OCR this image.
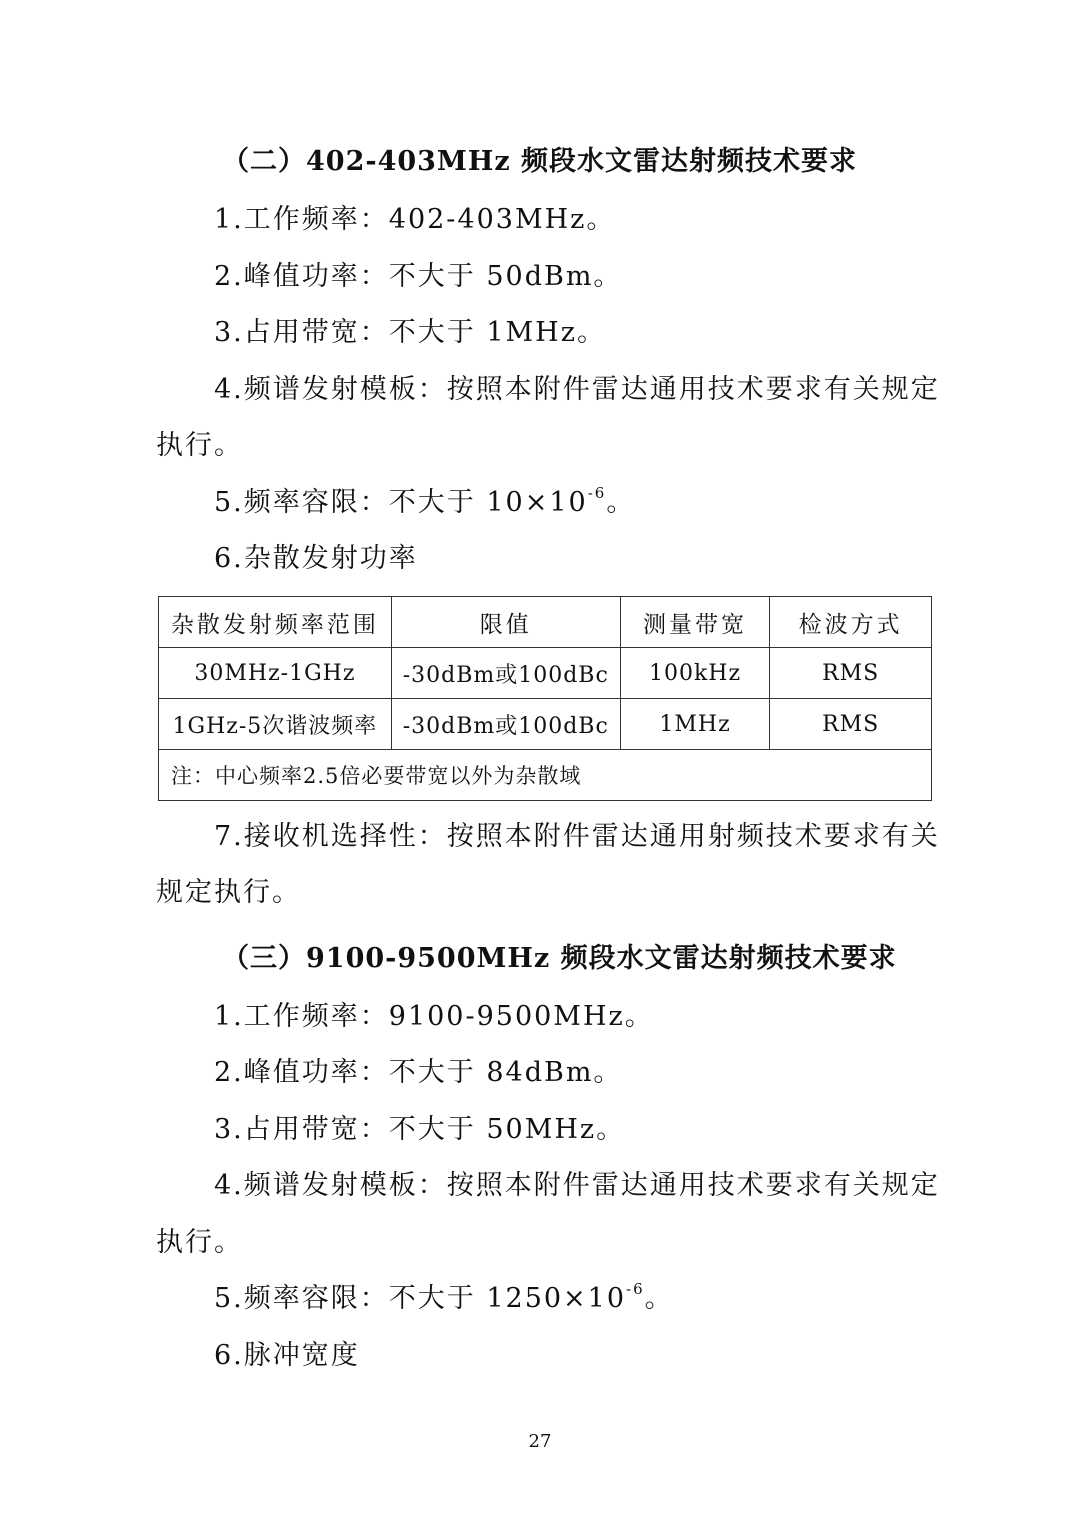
（二）402-403MHz 频段水文雷达射频技术要求
1.工作频率：402-403MHz。
2.峰值功率：不大于 50dBm。
3.占用带宽：不大于 1MHz。
4.频谱发射模板：按照本附件雷达通用技术要求有关规定
执行。
5.频率容限：不大于 $10\times 10^{-6}$。
6.杂散发射功率
杂散发射频率范围	限值	测量带宽	检波方式
30MHz-1GHz	-30dBm或100dBc	100kHz	RMS
1GHz-5次谐波频率	-30dBm或100dBc	1MHz	RMS
注：中心频率2.5倍必要带宽以外为杂散域			
7.接收机选择性：按照本附件雷达通用射频技术要求有关
规定执行。
（三）9100-9500MHz 频段水文雷达射频技术要求
1.工作频率：9100-9500MHz。
2.峰值功率：不大于 84dBm。
3.占用带宽：不大于 50MHz。
4.频谱发射模板：按照本附件雷达通用技术要求有关规定
执行。
5.频率容限：不大于 $1250\times 10^{-6}$。
6.脉冲宽度
27
